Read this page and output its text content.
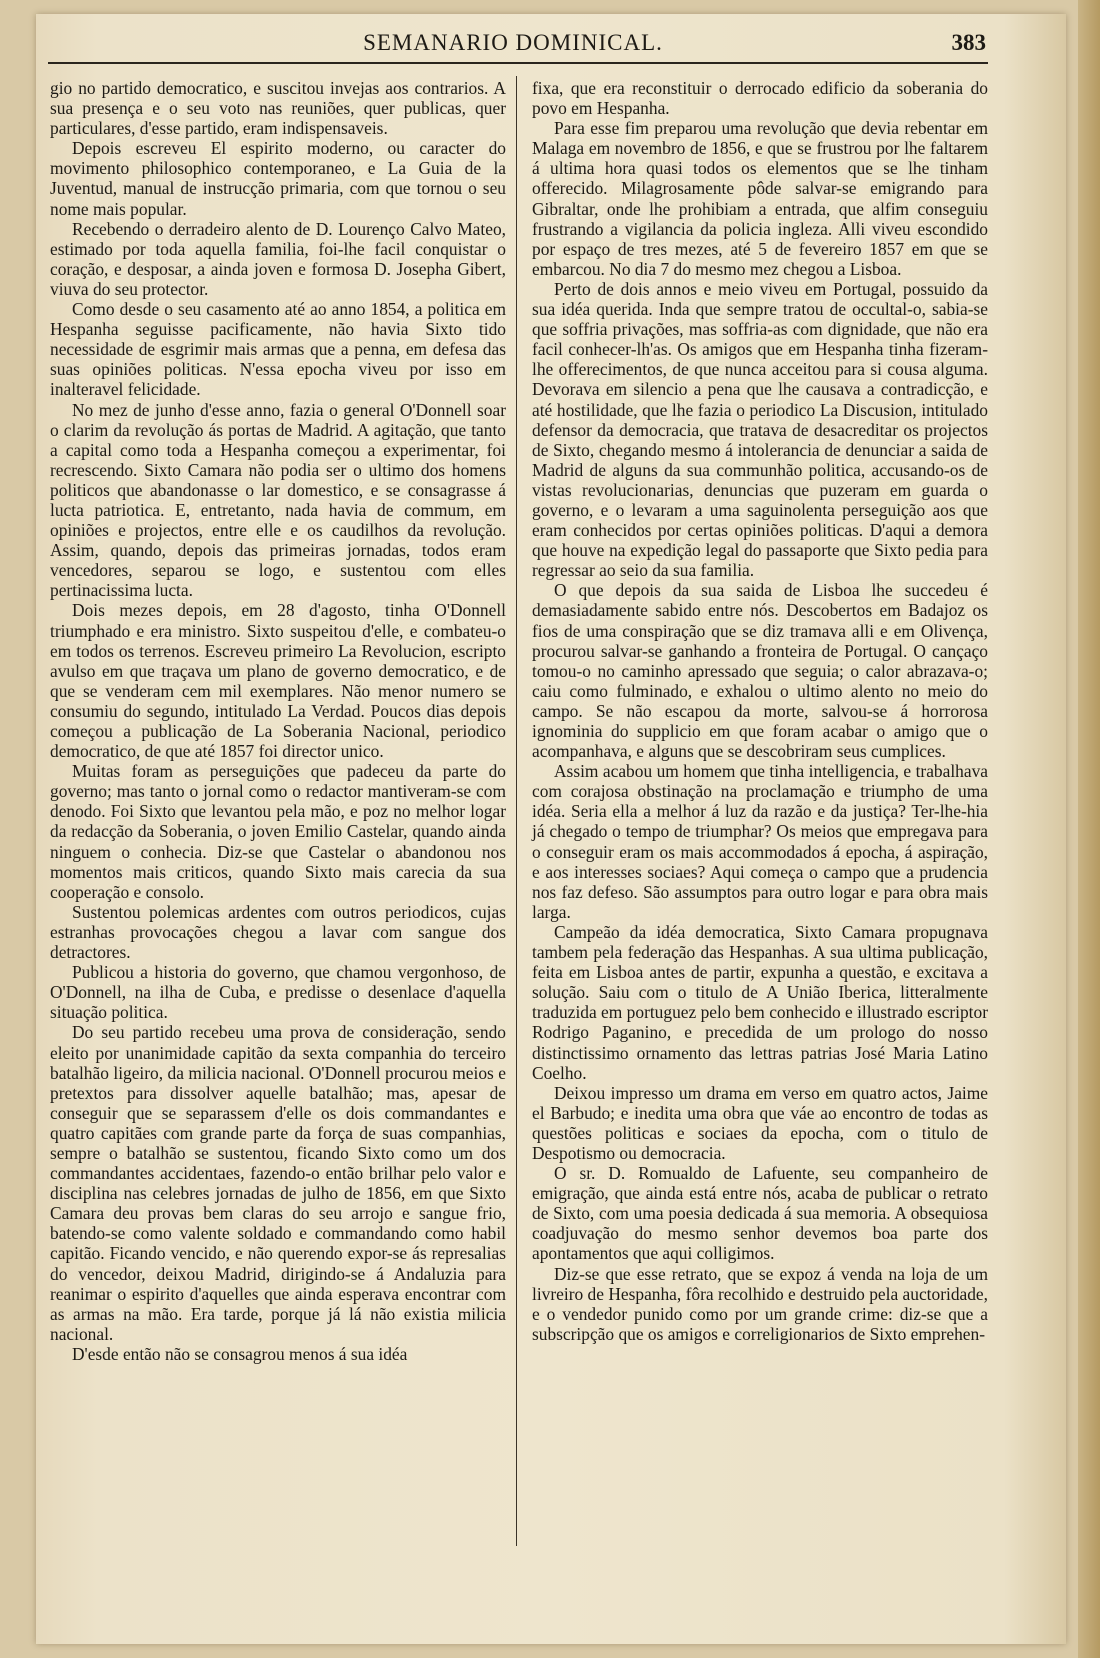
SEMANARIO DOMINICAL.	383

gio no partido democratico, e suscitou invejas aos contrarios. A sua presença e o seu voto nas reuniões, quer publicas, quer particulares, d'esse partido, eram indispensaveis.

Depois escreveu El espirito moderno, ou caracter do movimento philosophico contemporaneo, e La Guia de la Juventud, manual de instrucção primaria, com que tornou o seu nome mais popular.

Recebendo o derradeiro alento de D. Lourenço Calvo Mateo, estimado por toda aquella familia, foi-lhe facil conquistar o coração, e desposar, a ainda joven e formosa D. Josepha Gibert, viuva do seu protector.

Como desde o seu casamento até ao anno 1854, a politica em Hespanha seguisse pacificamente, não havia Sixto tido necessidade de esgrimir mais armas que a penna, em defesa das suas opiniões politicas. N'essa epocha viveu por isso em inalteravel felicidade.

No mez de junho d'esse anno, fazia o general O'Donnell soar o clarim da revolução ás portas de Madrid. A agitação, que tanto a capital como toda a Hespanha começou a experimentar, foi recrescendo. Sixto Camara não podia ser o ultimo dos homens politicos que abandonasse o lar domestico, e se consagrasse á lucta patriotica. E, entretanto, nada havia de commum, em opiniões e projectos, entre elle e os caudilhos da revolução. Assim, quando, depois das primeiras jornadas, todos eram vencedores, separou se logo, e sustentou com elles pertinacissima lucta.

Dois mezes depois, em 28 d'agosto, tinha O'Donnell triumphado e era ministro. Sixto suspeitou d'elle, e combateu-o em todos os terrenos. Escreveu primeiro La Revolucion, escripto avulso em que traçava um plano de governo democratico, e de que se venderam cem mil exemplares. Não menor numero se consumiu do segundo, intitulado La Verdad. Poucos dias depois começou a publicação de La Soberania Nacional, periodico democratico, de que até 1857 foi director unico.

Muitas foram as perseguições que padeceu da parte do governo; mas tanto o jornal como o redactor mantiveram-se com denodo. Foi Sixto que levantou pela mão, e poz no melhor logar da redacção da Soberania, o joven Emilio Castelar, quando ainda ninguem o conhecia. Diz-se que Castelar o abandonou nos momentos mais criticos, quando Sixto mais carecia da sua cooperação e consolo.

Sustentou polemicas ardentes com outros periodicos, cujas estranhas provocações chegou a lavar com sangue dos detractores.

Publicou a historia do governo, que chamou vergonhoso, de O'Donnell, na ilha de Cuba, e predisse o desenlace d'aquella situação politica.

Do seu partido recebeu uma prova de consideração, sendo eleito por unanimidade capitão da sexta companhia do terceiro batalhão ligeiro, da milicia nacional. O'Donnell procurou meios e pretextos para dissolver aquelle batalhão; mas, apesar de conseguir que se separassem d'elle os dois commandantes e quatro capitães com grande parte da força de suas companhias, sempre o batalhão se sustentou, ficando Sixto como um dos commandantes accidentaes, fazendo-o então brilhar pelo valor e disciplina nas celebres jornadas de julho de 1856, em que Sixto Camara deu provas bem claras do seu arrojo e sangue frio, batendo-se como valente soldado e commandando como habil capitão. Ficando vencido, e não querendo expor-se ás represalias do vencedor, deixou Madrid, dirigindo-se á Andaluzia para reanimar o espirito d'aquelles que ainda esperava encontrar com as armas na mão. Era tarde, porque já lá não existia milicia nacional.

D'esde então não se consagrou menos á sua idéa

fixa, que era reconstituir o derrocado edificio da soberania do povo em Hespanha.

Para esse fim preparou uma revolução que devia rebentar em Malaga em novembro de 1856, e que se frustrou por lhe faltarem á ultima hora quasi todos os elementos que se lhe tinham offerecido. Milagrosamente pôde salvar-se emigrando para Gibraltar, onde lhe prohibiam a entrada, que alfim conseguiu frustrando a vigilancia da policia ingleza. Alli viveu escondido por espaço de tres mezes, até 5 de fevereiro 1857 em que se embarcou. No dia 7 do mesmo mez chegou a Lisboa.

Perto de dois annos e meio viveu em Portugal, possuido da sua idéa querida. Inda que sempre tratou de occultal-o, sabia-se que soffria privações, mas soffria-as com dignidade, que não era facil conhecer-lh'as. Os amigos que em Hespanha tinha fizeram-lhe offerecimentos, de que nunca acceitou para si cousa alguma. Devorava em silencio a pena que lhe causava a contradicção, e até hostilidade, que lhe fazia o periodico La Discusion, intitulado defensor da democracia, que tratava de desacreditar os projectos de Sixto, chegando mesmo á intolerancia de denunciar a saida de Madrid de alguns da sua communhão politica, accusando-os de vistas revolucionarias, denuncias que puzeram em guarda o governo, e o levaram a uma saguinolenta perseguição aos que eram conhecidos por certas opiniões politicas. D'aqui a demora que houve na expedição legal do passaporte que Sixto pedia para regressar ao seio da sua familia.

O que depois da sua saida de Lisboa lhe succedeu é demasiadamente sabido entre nós. Descobertos em Badajoz os fios de uma conspiração que se diz tramava alli e em Olivença, procurou salvar-se ganhando a fronteira de Portugal. O cançaço tomou-o no caminho apressado que seguia; o calor abrazava-o; caiu como fulminado, e exhalou o ultimo alento no meio do campo. Se não escapou da morte, salvou-se á horrorosa ignominia do supplicio em que foram acabar o amigo que o acompanhava, e alguns que se descobriram seus cumplices.

Assim acabou um homem que tinha intelligencia, e trabalhava com corajosa obstinação na proclamação e triumpho de uma idéa. Seria ella a melhor á luz da razão e da justiça? Ter-lhe-hia já chegado o tempo de triumphar? Os meios que empregava para o conseguir eram os mais accommodados á epocha, á aspiração, e aos interesses sociaes? Aqui começa o campo que a prudencia nos faz defeso. São assumptos para outro logar e para obra mais larga.

Campeão da idéa democratica, Sixto Camara propugnava tambem pela federação das Hespanhas. A sua ultima publicação, feita em Lisboa antes de partir, expunha a questão, e excitava a solução. Saiu com o titulo de A União Iberica, litteralmente traduzida em portuguez pelo bem conhecido e illustrado escriptor Rodrigo Paganino, e precedida de um prologo do nosso distinctissimo ornamento das lettras patrias José Maria Latino Coelho.

Deixou impresso um drama em verso em quatro actos, Jaime el Barbudo; e inedita uma obra que váe ao encontro de todas as questões politicas e sociaes da epocha, com o titulo de Despotismo ou democracia.

O sr. D. Romualdo de Lafuente, seu companheiro de emigração, que ainda está entre nós, acaba de publicar o retrato de Sixto, com uma poesia dedicada á sua memoria. A obsequiosa coadjuvação do mesmo senhor devemos boa parte dos apontamentos que aqui colligimos.

Diz-se que esse retrato, que se expoz á venda na loja de um livreiro de Hespanha, fôra recolhido e destruido pela auctoridade, e o vendedor punido como por um grande crime: diz-se que a subscripção que os amigos e correligionarios de Sixto emprehen-
